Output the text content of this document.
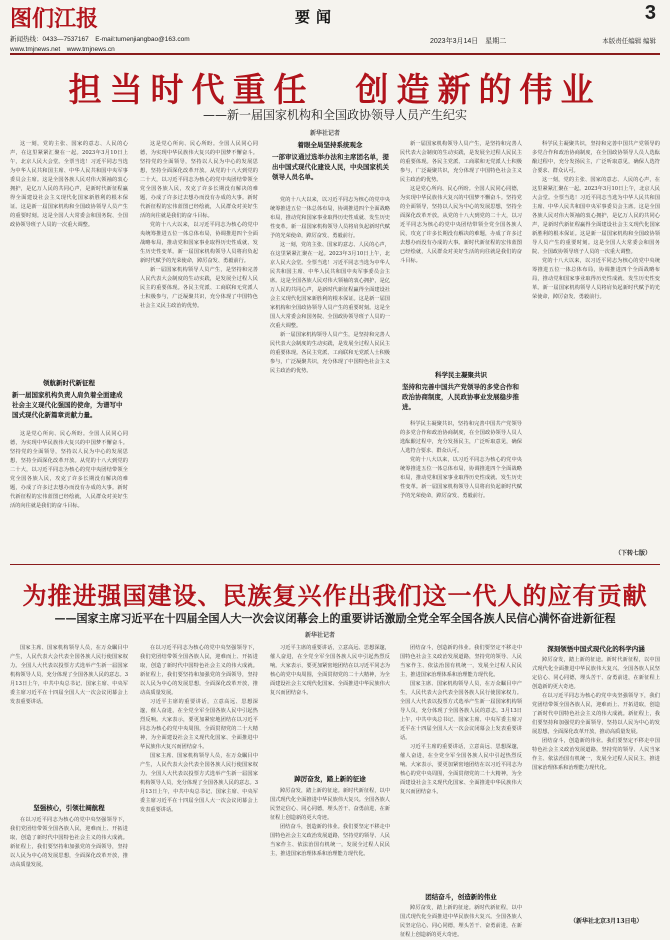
图们江报	要闻	3
新闻热线：0433—7537167　E-mail:tumenjiangbao@163.com
www.tmjnews.net　www.tmjnews.cn
2023年3月14日　星期二	本版责任编辑 编辑
担当时代重任　创造新的伟业
——新一届国家机构和全国政协领导人员产生纪实
新华社记者

这一刻，党的主张、国家的意志、人民的心声，在这里紧紧汇聚在一起。2023年3月10日上午，北京人民大会堂。全票当选！习近平同志当选为中华人民共和国主席、中华人民共和国中央军事委员会主席。这是全国各族人民对伟大领袖的衷心拥护，是亿万人民的共同心声，是新时代新征程赢得全面建设社会主义现代化国家新胜利的根本保证。这是新一届国家机构和全国政协领导人员产生的重要时刻。这是全国人大常委会和国务院、全国政协领导班子人员的一次重大调整。

领航新时代新征程
新一届国家机构负责人肩负着全面建成社会主义现代化强国的使命，为谱写中国式现代化新篇章贡献力量。

这是党心所向、民心所盼。全国人民同心同德，为实现中华民族伟大复兴的中国梦不懈奋斗。坚持党的全面领导，坚持以人民为中心的发展思想，坚持全面深化改革开放。从党的十八大到党的二十大，以习近平同志为核心的党中央团结带领全党全国各族人民，攻克了许多长期没有解决的难题，办成了许多过去想办而没有办成的大事。新时代新征程的宏伟蓝图已经绘就，人民群众对美好生活的向往就是我们的奋斗目标。

这是党心所向、民心所盼。全国人民同心同德，为实现中华民族伟大复兴的中国梦不懈奋斗。坚持党的全面领导，坚持以人民为中心的发展思想，坚持全面深化改革开放。从党的十八大到党的二十大，以习近平同志为核心的党中央团结带领全党全国各族人民，攻克了许多长期没有解决的难题，办成了许多过去想办而没有办成的大事。新时代新征程的宏伟蓝图已经绘就，人民群众对美好生活的向往就是我们的奋斗目标。

党的十八大以来，以习近平同志为核心的党中央统筹推进五位一体总体布局，协调推进四个全面战略布局，推动党和国家事业取得历史性成就、发生历史性变革。新一届国家机构领导人员将肩负起新时代赋予的光荣使命，踔厉奋发、勇毅前行。

新一届国家机构领导人员产生，是坚持和完善人民代表大会制度的生动实践，是发展全过程人民民主的重要体现。各民主党派、工商联和无党派人士积极参与，广泛凝聚共识，充分体现了中国特色社会主义民主政治的优势。

着眼全局坚持系统观念
一部审议通过选举办法和主席团名单，提出中国式现代化建设人民，中央国家机关领导人员名单。

党的十八大以来，以习近平同志为核心的党中央统筹推进五位一体总体布局，协调推进四个全面战略布局，推动党和国家事业取得历史性成就、发生历史性变革。新一届国家机构领导人员将肩负起新时代赋予的光荣使命，踔厉奋发、勇毅前行。

这一刻，党的主张、国家的意志、人民的心声，在这里紧紧汇聚在一起。2023年3月10日上午，北京人民大会堂。全票当选！习近平同志当选为中华人民共和国主席、中华人民共和国中央军事委员会主席。这是全国各族人民对伟大领袖的衷心拥护，是亿万人民的共同心声，是新时代新征程赢得全面建设社会主义现代化国家新胜利的根本保证。这是新一届国家机构和全国政协领导人员产生的重要时刻。这是全国人大常委会和国务院、全国政协领导班子人员的一次重大调整。

新一届国家机构领导人员产生，是坚持和完善人民代表大会制度的生动实践，是发展全过程人民民主的重要体现。各民主党派、工商联和无党派人士积极参与，广泛凝聚共识，充分体现了中国特色社会主义民主政治的优势。

新一届国家机构领导人员产生，是坚持和完善人民代表大会制度的生动实践，是发展全过程人民民主的重要体现。各民主党派、工商联和无党派人士积极参与，广泛凝聚共识，充分体现了中国特色社会主义民主政治的优势。

这是党心所向、民心所盼。全国人民同心同德，为实现中华民族伟大复兴的中国梦不懈奋斗。坚持党的全面领导，坚持以人民为中心的发展思想，坚持全面深化改革开放。从党的十八大到党的二十大，以习近平同志为核心的党中央团结带领全党全国各族人民，攻克了许多长期没有解决的难题，办成了许多过去想办而没有办成的大事。新时代新征程的宏伟蓝图已经绘就，人民群众对美好生活的向往就是我们的奋斗目标。

科学民主凝聚共识
坚持和完善中国共产党领导的多党合作和政治协商制度，人民政协事业发展稳步推进。

科学民主凝聚共识，坚持和完善中国共产党领导的多党合作和政治协商制度，在全国政协领导人员人选酝酿过程中，充分发扬民主，广泛听取意见，确保人选符合要求、群众认可。

党的十八大以来，以习近平同志为核心的党中央统筹推进五位一体总体布局，协调推进四个全面战略布局，推动党和国家事业取得历史性成就、发生历史性变革。新一届国家机构领导人员将肩负起新时代赋予的光荣使命，踔厉奋发、勇毅前行。

科学民主凝聚共识，坚持和完善中国共产党领导的多党合作和政治协商制度，在全国政协领导人员人选酝酿过程中，充分发扬民主，广泛听取意见，确保人选符合要求、群众认可。

这一刻，党的主张、国家的意志、人民的心声，在这里紧紧汇聚在一起。2023年3月10日上午，北京人民大会堂。全票当选！习近平同志当选为中华人民共和国主席、中华人民共和国中央军事委员会主席。这是全国各族人民对伟大领袖的衷心拥护，是亿万人民的共同心声，是新时代新征程赢得全面建设社会主义现代化国家新胜利的根本保证。这是新一届国家机构和全国政协领导人员产生的重要时刻。这是全国人大常委会和国务院、全国政协领导班子人员的一次重大调整。

党的十八大以来，以习近平同志为核心的党中央统筹推进五位一体总体布局，协调推进四个全面战略布局，推动党和国家事业取得历史性成就、发生历史性变革。新一届国家机构领导人员将肩负起新时代赋予的光荣使命，踔厉奋发、勇毅前行。

（下转七版）
为推进强国建设、民族复兴作出我们这一代人的应有贡献
——国家主席习近平在十四届全国人大一次会议闭幕会上的重要讲话激励全党全军全国各族人民信心满怀奋进新征程
新华社记者

国家主席、国家机构领导人员，在万众瞩目中产生，人民代表大会代表全国各族人民行使国家权力。全国人大代表以投票方式选举产生新一届国家机构领导人员，充分体现了全国各族人民的意志。3月13日上午，中共中央总书记、国家主席、中央军委主席习近平在十四届全国人大一次会议闭幕会上发表重要讲话。

坚强核心，引领壮阔航程

在以习近平同志为核心的党中央坚强领导下，我们党团结带领全国各族人民，迎难而上、开拓进取，创造了新时代中国特色社会主义的伟大成就。新征程上，我们要坚持和加强党的全面领导，坚持以人民为中心的发展思想，全面深化改革开放，推动高质量发展。

在以习近平同志为核心的党中央坚强领导下，我们党团结带领全国各族人民，迎难而上、开拓进取，创造了新时代中国特色社会主义的伟大成就。新征程上，我们要坚持和加强党的全面领导，坚持以人民为中心的发展思想，全面深化改革开放，推动高质量发展。

习近平主席的重要讲话，立意高远、思想深邃，催人奋进，在全党全军全国各族人民中引起热烈反响。大家表示，要更加紧密地团结在以习近平同志为核心的党中央周围，全面贯彻党的二十大精神，为全面建设社会主义现代化国家、全面推进中华民族伟大复兴而团结奋斗。

国家主席、国家机构领导人员，在万众瞩目中产生，人民代表大会代表全国各族人民行使国家权力。全国人大代表以投票方式选举产生新一届国家机构领导人员，充分体现了全国各族人民的意志。3月13日上午，中共中央总书记、国家主席、中央军委主席习近平在十四届全国人大一次会议闭幕会上发表重要讲话。

习近平主席的重要讲话，立意高远、思想深邃，催人奋进，在全党全军全国各族人民中引起热烈反响。大家表示，要更加紧密地团结在以习近平同志为核心的党中央周围，全面贯彻党的二十大精神，为全面建设社会主义现代化国家、全面推进中华民族伟大复兴而团结奋斗。

踔厉奋发，踏上新的征途

踔厉奋发，踏上新的征途。新时代新征程，以中国式现代化全面推进中华民族伟大复兴。全国各族人民坚定信心、同心同德，埋头苦干、奋勇前进，在新征程上创造新的更大奇迹。

团结奋斗，创造新的伟业。我们要坚定不移走中国特色社会主义政治发展道路，坚持党的领导、人民当家作主、依法治国有机统一，发展全过程人民民主，推进国家治理体系和治理能力现代化。

团结奋斗，创造新的伟业。我们要坚定不移走中国特色社会主义政治发展道路，坚持党的领导、人民当家作主、依法治国有机统一，发展全过程人民民主，推进国家治理体系和治理能力现代化。

国家主席、国家机构领导人员，在万众瞩目中产生，人民代表大会代表全国各族人民行使国家权力。全国人大代表以投票方式选举产生新一届国家机构领导人员，充分体现了全国各族人民的意志。3月13日上午，中共中央总书记、国家主席、中央军委主席习近平在十四届全国人大一次会议闭幕会上发表重要讲话。

习近平主席的重要讲话，立意高远、思想深邃，催人奋进，在全党全军全国各族人民中引起热烈反响。大家表示，要更加紧密地团结在以习近平同志为核心的党中央周围，全面贯彻党的二十大精神，为全面建设社会主义现代化国家、全面推进中华民族伟大复兴而团结奋斗。

团结奋斗，创造新的伟业

踔厉奋发，踏上新的征途。新时代新征程，以中国式现代化全面推进中华民族伟大复兴。全国各族人民坚定信心、同心同德，埋头苦干、奋勇前进，在新征程上创造新的更大奇迹。

深刻领悟中国式现代化的科学内涵

踔厉奋发，踏上新的征途。新时代新征程，以中国式现代化全面推进中华民族伟大复兴。全国各族人民坚定信心、同心同德，埋头苦干、奋勇前进，在新征程上创造新的更大奇迹。

在以习近平同志为核心的党中央坚强领导下，我们党团结带领全国各族人民，迎难而上、开拓进取，创造了新时代中国特色社会主义的伟大成就。新征程上，我们要坚持和加强党的全面领导，坚持以人民为中心的发展思想，全面深化改革开放，推动高质量发展。

团结奋斗，创造新的伟业。我们要坚定不移走中国特色社会主义政治发展道路，坚持党的领导、人民当家作主、依法治国有机统一，发展全过程人民民主，推进国家治理体系和治理能力现代化。

（新华社北京3月13日电）
